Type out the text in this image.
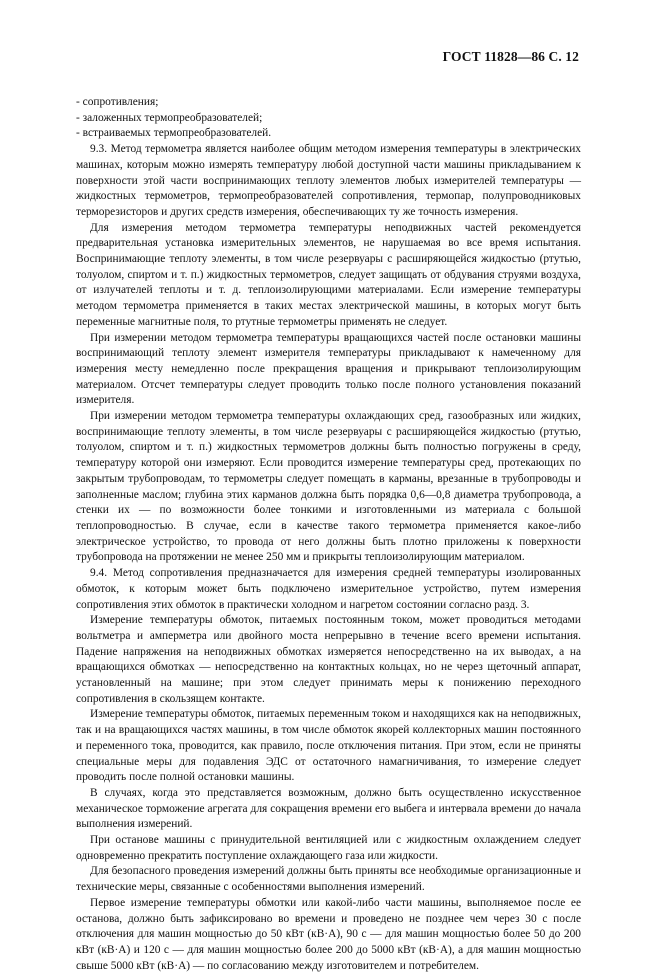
ГОСТ 11828—86 С. 12

- сопротивления;

- заложенных термопреобразователей;

- встраиваемых термопреобразователей.

9.3. Метод термометра является наиболее общим методом измерения температуры в электрических машинах, которым можно измерять температуру любой доступной части машины прикладыванием к поверхности этой части воспринимающих теплоту элементов любых измерителей температуры — жидкостных термометров, термопреобразователей сопротивления, термопар, полупроводниковых терморезисторов и других средств измерения, обеспечивающих ту же точность измерения.

Для измерения методом термометра температуры неподвижных частей рекомендуется предварительная установка измерительных элементов, не нарушаемая во все время испытания. Воспринимающие теплоту элементы, в том числе резервуары с расширяющейся жидкостью (ртутью, толуолом, спиртом и т. п.) жидкостных термометров, следует защищать от обдувания струями воздуха, от излучателей теплоты и т. д. теплоизолирующими материалами. Если измерение температуры методом термометра применяется в таких местах электрической машины, в которых могут быть переменные магнитные поля, то ртутные термометры применять не следует.

При измерении методом термометра температуры вращающихся частей после остановки машины воспринимающий теплоту элемент измерителя температуры прикладывают к намеченному для измерения месту немедленно после прекращения вращения и прикрывают теплоизолирующим материалом. Отсчет температуры следует проводить только после полного установления показаний измерителя.

При измерении методом термометра температуры охлаждающих сред, газообразных или жидких, воспринимающие теплоту элементы, в том числе резервуары с расширяющейся жидкостью (ртутью, толуолом, спиртом и т. п.) жидкостных термометров должны быть полностью погружены в среду, температуру которой они измеряют. Если проводится измерение температуры сред, протекающих по закрытым трубопроводам, то термометры следует помещать в карманы, врезанные в трубопроводы и заполненные маслом; глубина этих карманов должна быть порядка 0,6—0,8 диаметра трубопровода, а стенки их — по возможности более тонкими и изготовленными из материала с большой теплопроводностью. В случае, если в качестве такого термометра применяется какое-либо электрическое устройство, то провода от него должны быть плотно приложены к поверхности трубопровода на протяжении не менее 250 мм и прикрыты теплоизолирующим материалом.

9.4. Метод сопротивления предназначается для измерения средней температуры изолированных обмоток, к которым может быть подключено измерительное устройство, путем измерения сопротивления этих обмоток в практически холодном и нагретом состоянии согласно разд. 3.

Измерение температуры обмоток, питаемых постоянным током, может проводиться методами вольтметра и амперметра или двойного моста непрерывно в течение всего времени испытания. Падение напряжения на неподвижных обмотках измеряется непосредственно на их выводах, а на вращающихся обмотках — непосредственно на контактных кольцах, но не через щеточный аппарат, установленный на машине; при этом следует принимать меры к понижению переходного сопротивления в скользящем контакте.

Измерение температуры обмоток, питаемых переменным током и находящихся как на неподвижных, так и на вращающихся частях машины, в том числе обмоток якорей коллекторных машин постоянного и переменного тока, проводится, как правило, после отключения питания. При этом, если не приняты специальные меры для подавления ЭДС от остаточного намагничивания, то измерение следует проводить после полной остановки машины.

В случаях, когда это представляется возможным, должно быть осуществленно искусственное механическое торможение агрегата для сокращения времени его выбега и интервала времени до начала выполнения измерений.

При останове машины с принудительной вентиляцией или с жидкостным охлаждением следует одновременно прекратить поступление охлаждающего газа или жидкости.

Для безопасного проведения измерений должны быть приняты все необходимые организационные и технические меры, связанные с особенностями выполнения измерений.

Первое измерение температуры обмотки или какой-либо части машины, выполняемое после ее останова, должно быть зафиксировано во времени и проведено не позднее чем через 30 с после отключения для машин мощностью до 50 кВт (кВ·А), 90 с — для машин мощностью более 50 до 200 кВт (кВ·А) и 120 с — для машин мощностью более 200 до 5000 кВт (кВ·А), а для машин мощностью свыше 5000 кВт (кВ·А) — по согласованию между изготовителем и потребителем.
